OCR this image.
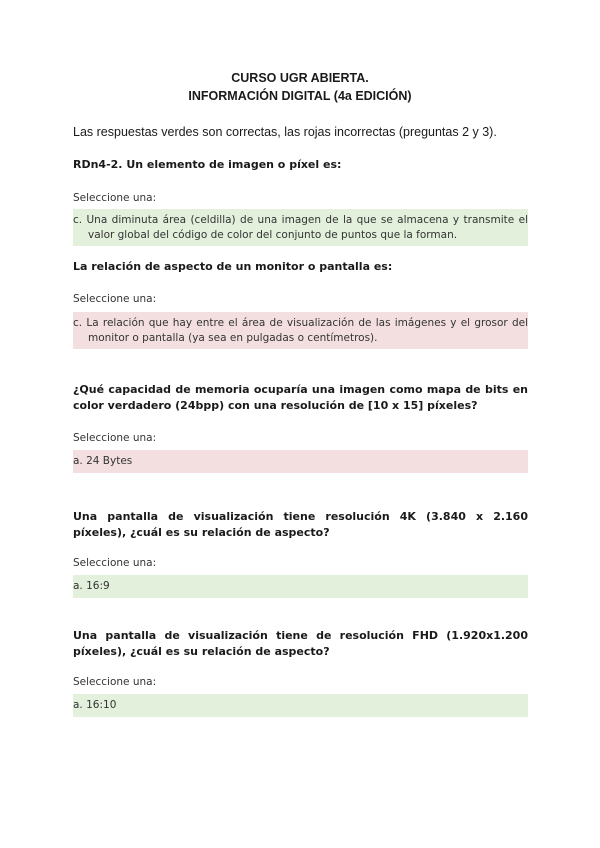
CURSO UGR ABIERTA.
INFORMACIÓN DIGITAL (4a EDICIÓN)

Las respuestas verdes son correctas, las rojas incorrectas (preguntas 2 y 3).

RDn4-2. Un elemento de imagen o píxel es:

Seleccione una:

c. Una diminuta área (celdilla) de una imagen de la que se almacena y transmite el valor global del código de color del conjunto de puntos que la forman.

La relación de aspecto de un monitor o pantalla es:

Seleccione una:

c. La relación que hay entre el área de visualización de las imágenes y el grosor del monitor o pantalla (ya sea en pulgadas o centímetros).

¿Qué capacidad de memoria ocuparía una imagen como mapa de bits en color verdadero (24bpp) con una resolución de [10 x 15] píxeles?

Seleccione una:

a. 24 Bytes

Una pantalla de visualización tiene resolución 4K (3.840 x 2.160 píxeles), ¿cuál es su relación de aspecto?

Seleccione una:

a. 16:9

Una pantalla de visualización tiene de resolución FHD (1.920x1.200 píxeles), ¿cuál es su relación de aspecto?

Seleccione una:

a. 16:10
